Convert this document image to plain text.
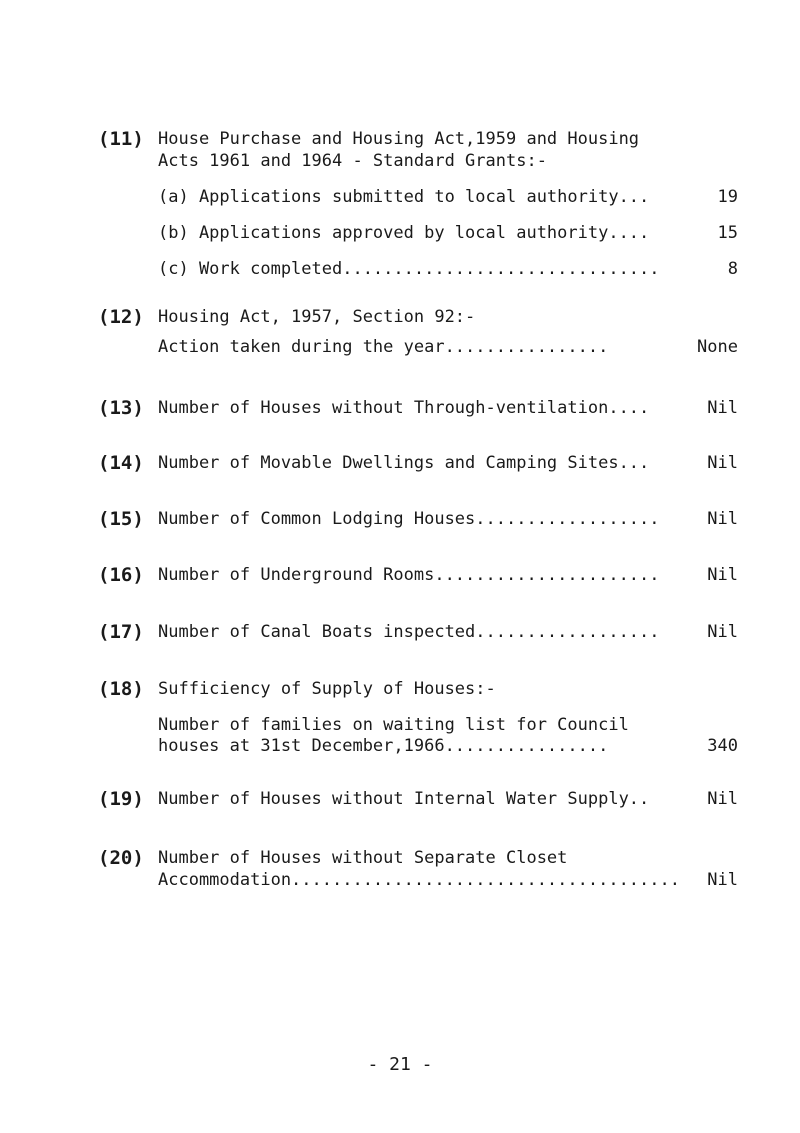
(11) House Purchase and Housing Act,1959 and Housing
Acts 1961 and 1964 - Standard Grants:-
(a) Applications submitted to local authority...	19
(b) Applications approved by local authority....	15
(c) Work completed...............................	8
(12) Housing Act, 1957, Section 92:-
Action taken during the year................	None
(13) Number of Houses without Through-ventilation....	Nil
(14) Number of Movable Dwellings and Camping Sites...	Nil
(15) Number of Common Lodging Houses..................	Nil
(16) Number of Underground Rooms......................	Nil
(17) Number of Canal Boats inspected..................	Nil
(18) Sufficiency of Supply of Houses:-
Number of families on waiting list for Council
houses at 31st December,1966................	340
(19) Number of Houses without Internal Water Supply..	Nil
(20) Number of Houses without Separate Closet
Accommodation...................................... Nil
- 21 -
